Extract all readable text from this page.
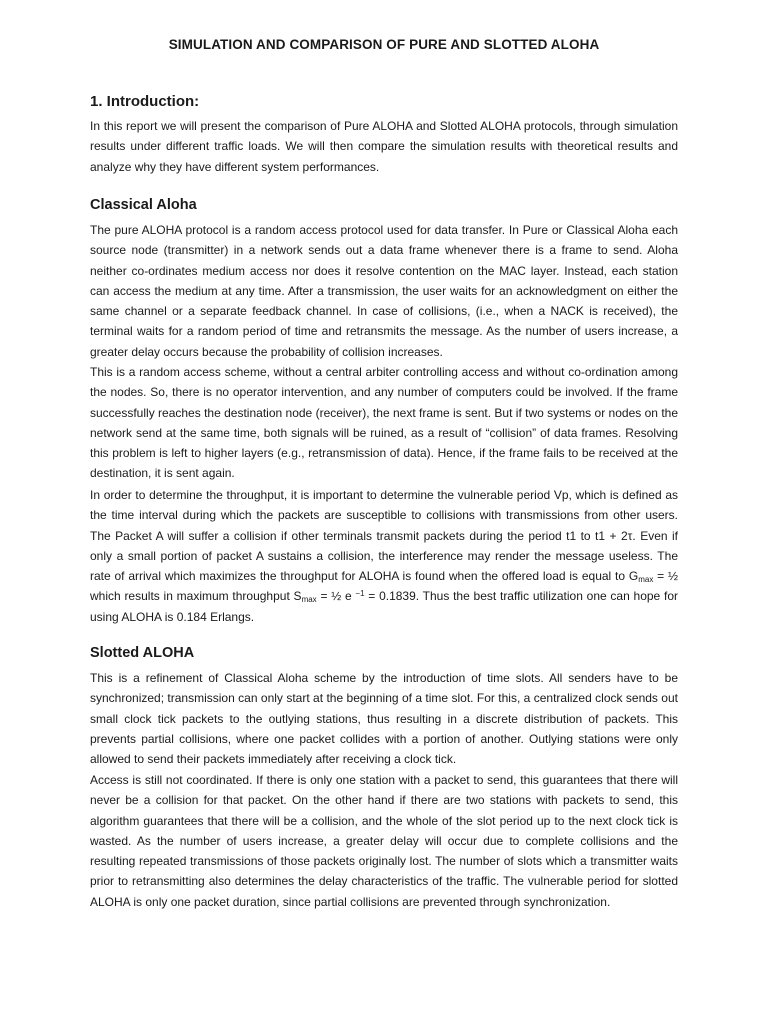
SIMULATION AND COMPARISON OF PURE AND SLOTTED ALOHA
1. Introduction:
In this report we will present the comparison of Pure ALOHA and Slotted ALOHA protocols, through simulation results under different traffic loads. We will then compare the simulation results with theoretical results and analyze why they have different system performances.
Classical Aloha
The pure ALOHA protocol is a random access protocol used for data transfer. In Pure or Classical Aloha each source node (transmitter) in a network sends out a data frame whenever there is a frame to send. Aloha neither co-ordinates medium access nor does it resolve contention on the MAC layer. Instead, each station can access the medium at any time. After a transmission, the user waits for an acknowledgment on either the same channel or a separate feedback channel. In case of collisions, (i.e., when a NACK is received), the terminal waits for a random period of time and retransmits the message. As the number of users increase, a greater delay occurs because the probability of collision increases.
This is a random access scheme, without a central arbiter controlling access and without co-ordination among the nodes. So, there is no operator intervention, and any number of computers could be involved. If the frame successfully reaches the destination node (receiver), the next frame is sent. But if two systems or nodes on the network send at the same time, both signals will be ruined, as a result of “collision” of data frames. Resolving this problem is left to higher layers (e.g., retransmission of data). Hence, if the frame fails to be received at the destination, it is sent again.
In order to determine the throughput, it is important to determine the vulnerable period Vp, which is defined as the time interval during which the packets are susceptible to collisions with transmissions from other users. The Packet A will suffer a collision if other terminals transmit packets during the period t1 to t1 + 2τ. Even if only a small portion of packet A sustains a collision, the interference may render the message useless. The rate of arrival which maximizes the throughput for ALOHA is found when the offered load is equal to $G_{max}$ = ½ which results in maximum throughput $S_{max}$ = ½ e $^{-1}$ = 0.1839. Thus the best traffic utilization one can hope for using ALOHA is 0.184 Erlangs.
Slotted ALOHA
This is a refinement of Classical Aloha scheme by the introduction of time slots. All senders have to be synchronized; transmission can only start at the beginning of a time slot. For this, a centralized clock sends out small clock tick packets to the outlying stations, thus resulting in a discrete distribution of packets. This prevents partial collisions, where one packet collides with a portion of another. Outlying stations were only allowed to send their packets immediately after receiving a clock tick.
Access is still not coordinated. If there is only one station with a packet to send, this guarantees that there will never be a collision for that packet. On the other hand if there are two stations with packets to send, this algorithm guarantees that there will be a collision, and the whole of the slot period up to the next clock tick is wasted. As the number of users increase, a greater delay will occur due to complete collisions and the resulting repeated transmissions of those packets originally lost. The number of slots which a transmitter waits prior to retransmitting also determines the delay characteristics of the traffic. The vulnerable period for slotted ALOHA is only one packet duration, since partial collisions are prevented through synchronization.
